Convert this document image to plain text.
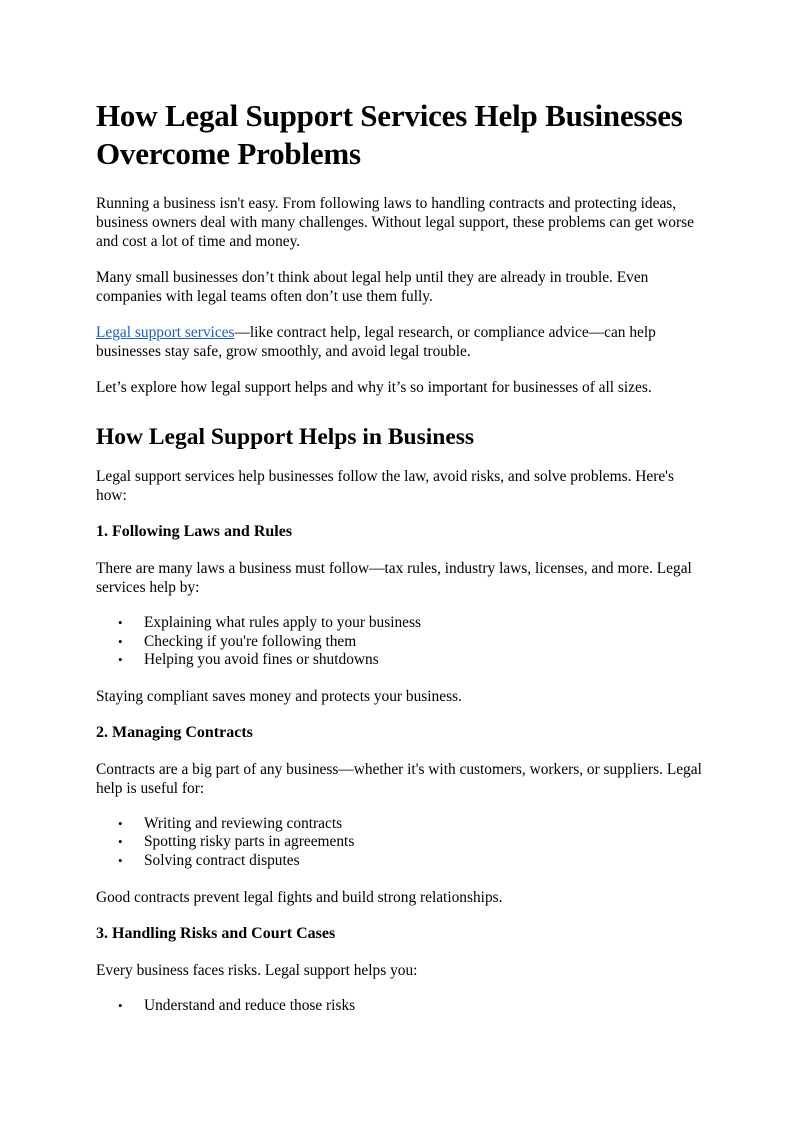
How Legal Support Services Help Businesses Overcome Problems

Running a business isn't easy. From following laws to handling contracts and protecting ideas, business owners deal with many challenges. Without legal support, these problems can get worse and cost a lot of time and money.

Many small businesses don’t think about legal help until they are already in trouble. Even companies with legal teams often don’t use them fully.

Legal support services—like contract help, legal research, or compliance advice—can help businesses stay safe, grow smoothly, and avoid legal trouble.

Let’s explore how legal support helps and why it’s so important for businesses of all sizes.

How Legal Support Helps in Business

Legal support services help businesses follow the law, avoid risks, and solve problems. Here's how:

1. Following Laws and Rules

There are many laws a business must follow—tax rules, industry laws, licenses, and more. Legal services help by:

• Explaining what rules apply to your business
• Checking if you're following them
• Helping you avoid fines or shutdowns

Staying compliant saves money and protects your business.

2. Managing Contracts

Contracts are a big part of any business—whether it's with customers, workers, or suppliers. Legal help is useful for:

• Writing and reviewing contracts
• Spotting risky parts in agreements
• Solving contract disputes

Good contracts prevent legal fights and build strong relationships.

3. Handling Risks and Court Cases

Every business faces risks. Legal support helps you:

• Understand and reduce those risks
